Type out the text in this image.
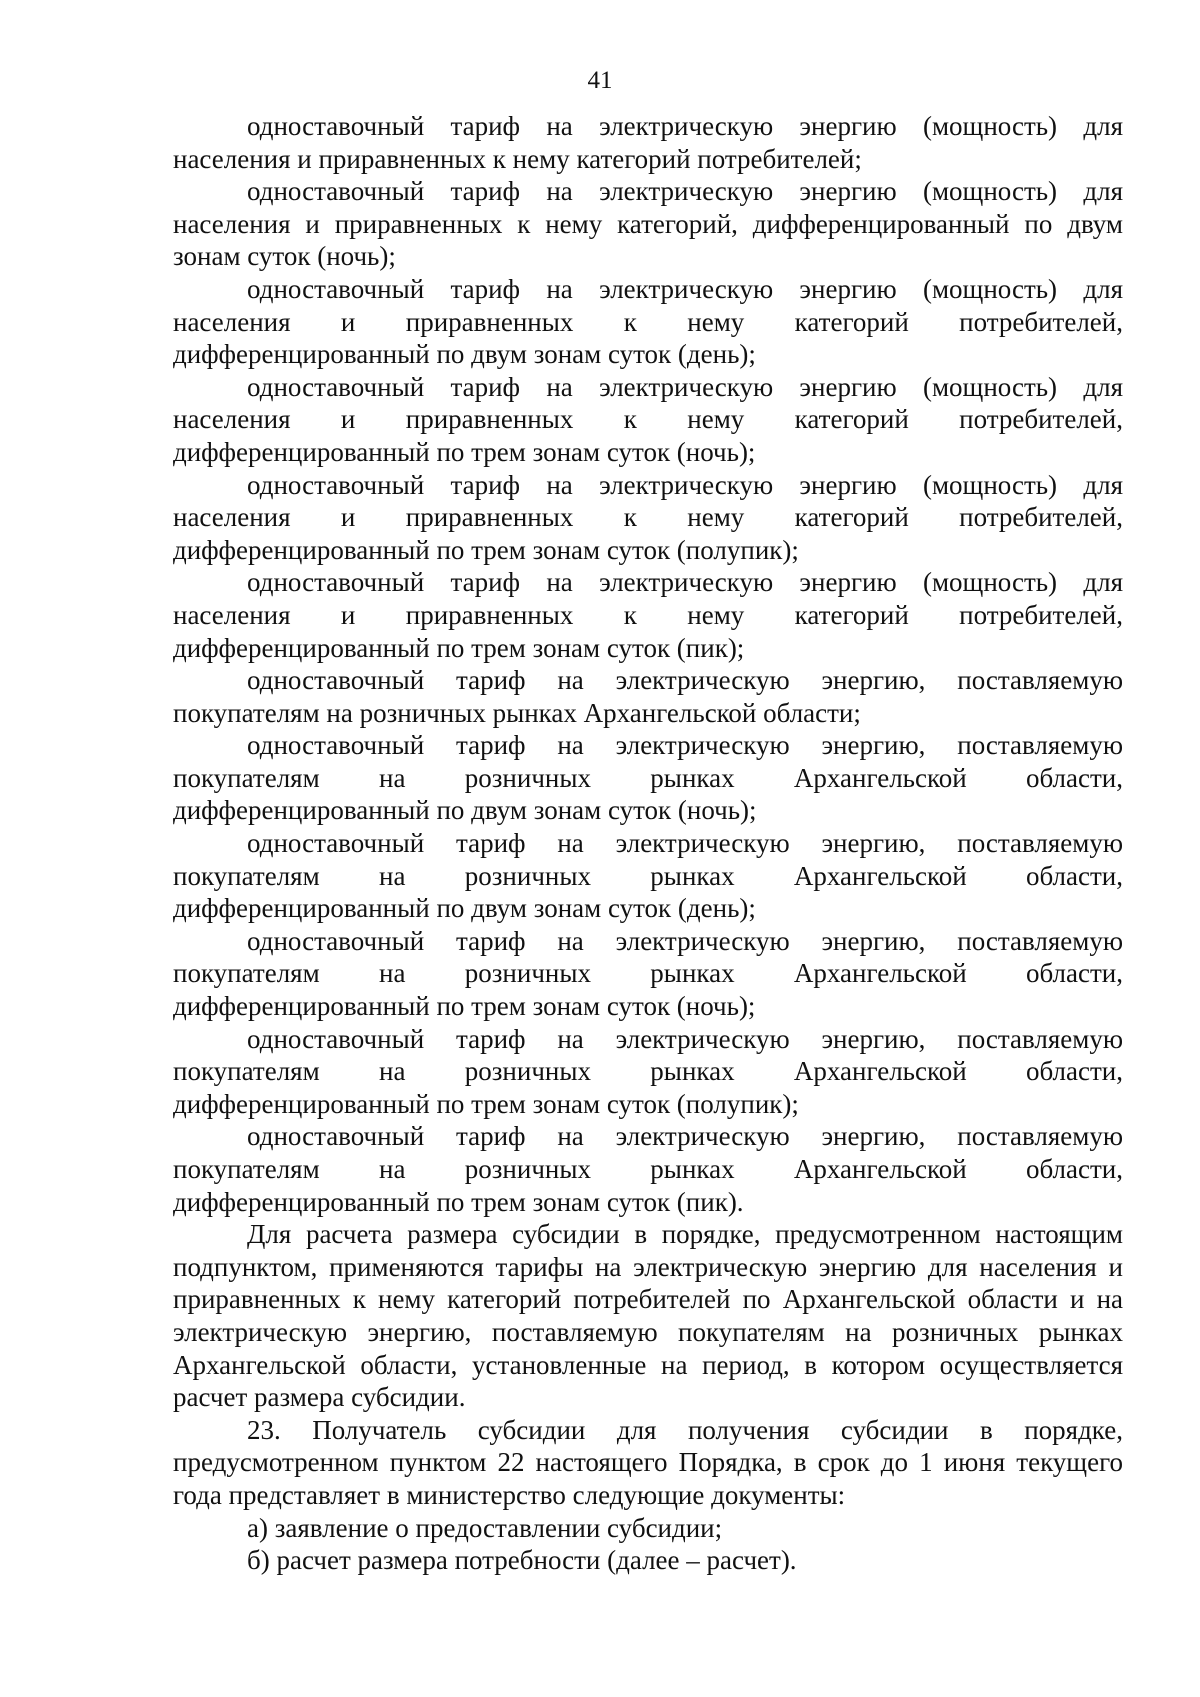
41

одноставочный тариф на электрическую энергию (мощность) для населения и приравненных к нему категорий потребителей;

одноставочный тариф на электрическую энергию (мощность) для населения и приравненных к нему категорий, дифференцированный по двум зонам суток (ночь);

одноставочный тариф на электрическую энергию (мощность) для населения и приравненных к нему категорий потребителей, дифференцированный по двум зонам суток (день);

одноставочный тариф на электрическую энергию (мощность) для населения и приравненных к нему категорий потребителей, дифференцированный по трем зонам суток (ночь);

одноставочный тариф на электрическую энергию (мощность) для населения и приравненных к нему категорий потребителей, дифференцированный по трем зонам суток (полупик);

одноставочный тариф на электрическую энергию (мощность) для населения и приравненных к нему категорий потребителей, дифференцированный по трем зонам суток (пик);

одноставочный тариф на электрическую энергию, поставляемую покупателям на розничных рынках Архангельской области;

одноставочный тариф на электрическую энергию, поставляемую покупателям на розничных рынках Архангельской области, дифференцированный по двум зонам суток (ночь);

одноставочный тариф на электрическую энергию, поставляемую покупателям на розничных рынках Архангельской области, дифференцированный по двум зонам суток (день);

одноставочный тариф на электрическую энергию, поставляемую покупателям на розничных рынках Архангельской области, дифференцированный по трем зонам суток (ночь);

одноставочный тариф на электрическую энергию, поставляемую покупателям на розничных рынках Архангельской области, дифференцированный по трем зонам суток (полупик);

одноставочный тариф на электрическую энергию, поставляемую покупателям на розничных рынках Архангельской области, дифференцированный по трем зонам суток (пик).

Для расчета размера субсидии в порядке, предусмотренном настоящим подпунктом, применяются тарифы на электрическую энергию для населения и приравненных к нему категорий потребителей по Архангельской области и на электрическую энергию, поставляемую покупателям на розничных рынках Архангельской области, установленные на период, в котором осуществляется расчет размера субсидии.

23. Получатель субсидии для получения субсидии в порядке, предусмотренном пунктом 22 настоящего Порядка, в срок до 1 июня текущего года представляет в министерство следующие документы:

а) заявление о предоставлении субсидии;

б) расчет размера потребности (далее – расчет).
